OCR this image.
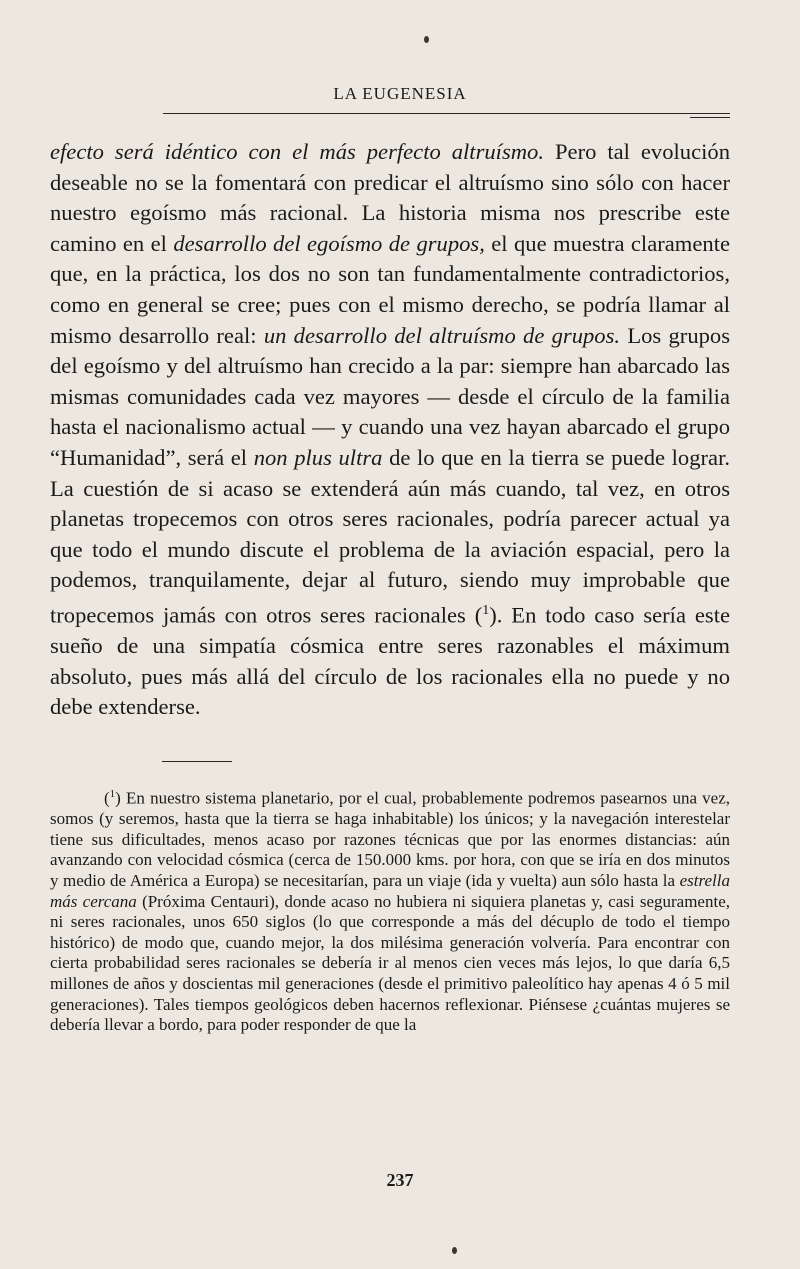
LA EUGENESIA

efecto será idéntico con el más perfecto altruísmo. Pero tal evolución deseable no se la fomentará con predicar el altruísmo sino sólo con hacer nuestro egoísmo más racional. La historia misma nos prescribe este camino en el desarrollo del egoísmo de grupos, el que muestra claramente que, en la práctica, los dos no son tan fundamentalmente contradictorios, como en general se cree; pues con el mismo derecho, se podría llamar al mismo desarrollo real: un desarrollo del altruísmo de grupos. Los grupos del egoísmo y del altruísmo han crecido a la par: siempre han abarcado las mismas comunidades cada vez mayores — desde el círculo de la familia hasta el nacionalismo actual — y cuando una vez hayan abarcado el grupo “Humanidad”, será el non plus ultra de lo que en la tierra se puede lograr. La cuestión de si acaso se extenderá aún más cuando, tal vez, en otros planetas tropecemos con otros seres racionales, podría parecer actual ya que todo el mundo discute el problema de la aviación espacial, pero la podemos, tranquilamente, dejar al futuro, siendo muy improbable que tropecemos jamás con otros seres racionales ($^1$). En todo caso sería este sueño de una simpatía cósmica entre seres razonables el máximum absoluto, pues más allá del círculo de los racionales ella no puede y no debe extenderse.

($^1$) En nuestro sistema planetario, por el cual, probablemente podremos pasearnos una vez, somos (y seremos, hasta que la tierra se haga inhabitable) los únicos; y la navegación interestelar tiene sus dificultades, menos acaso por razones técnicas que por las enormes distancias: aún avanzando con velocidad cósmica (cerca de 150.000 kms. por hora, con que se iría en dos minutos y medio de América a Europa) se necesitarían, para un viaje (ida y vuelta) aun sólo hasta la estrella más cercana (Próxima Centauri), donde acaso no hubiera ni siquiera planetas y, casi seguramente, ni seres racionales, unos 650 siglos (lo que corresponde a más del décuplo de todo el tiempo histórico) de modo que, cuando mejor, la dos milésima generación volvería. Para encontrar con cierta probabilidad seres racionales se debería ir al menos cien veces más lejos, lo que daría 6,5 millones de años y doscientas mil generaciones (desde el primitivo paleolítico hay apenas 4 ó 5 mil generaciones). Tales tiempos geológicos deben hacernos reflexionar. Piénsese ¿cuántas mujeres se debería llevar a bordo, para poder responder de que la

237
